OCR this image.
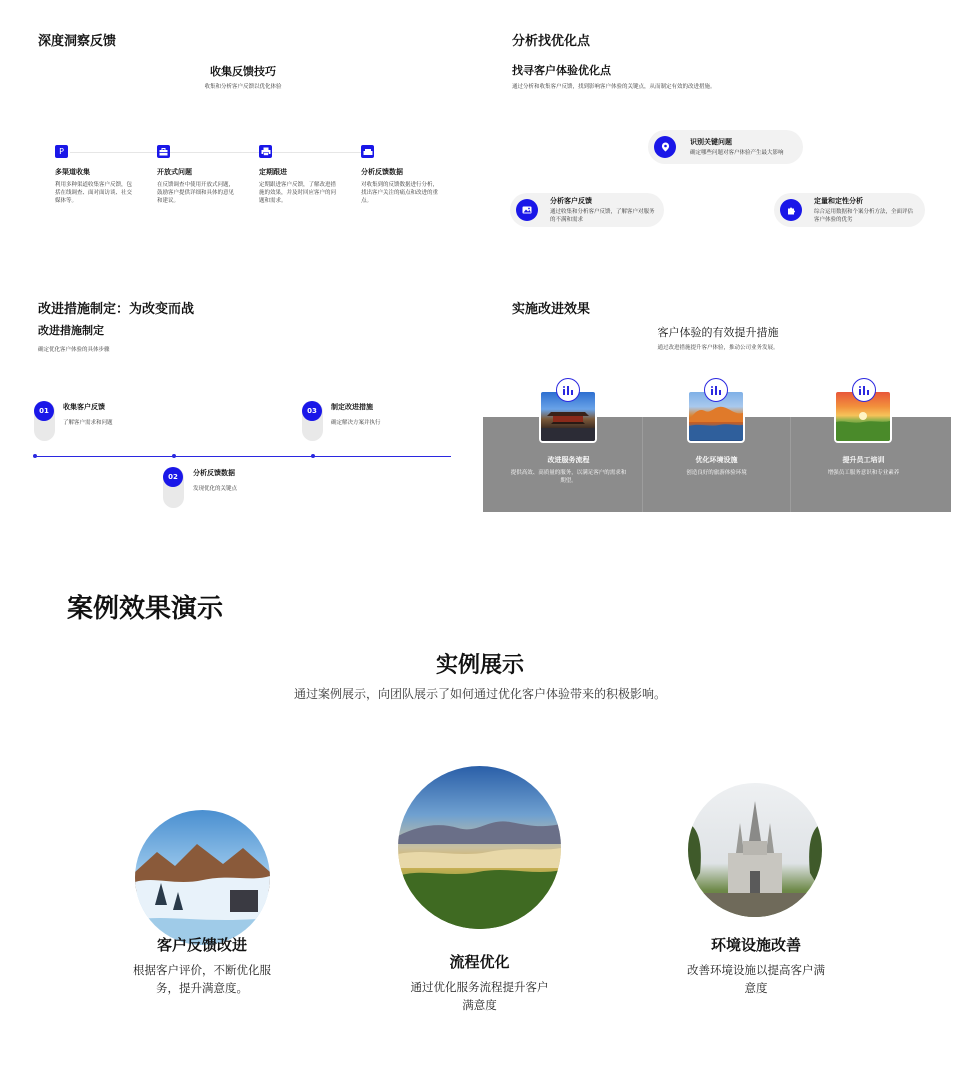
深度洞察反馈
收集反馈技巧
收集和分析客户反馈以优化体验
P
多渠道收集
利用多种渠道收集客户反馈，包括在线调查、面对面访谈、社交媒体等。
开放式问题
在反馈调查中使用开放式问题，鼓励客户提供详细和具体的意见和建议。
定期跟进
定期跟进客户反馈，了解改进措施的效果，并及时回应客户的问题和需求。
分析反馈数据
对收集到的反馈数据进行分析，找出客户关注的痛点和改进的重点。
分析找优化点
找寻客户体验优化点
通过分析和收集客户反馈，找到影响客户体验的关键点，从而制定有效的改进措施。
识别关键问题
确定哪些问题对客户体验产生最大影响
分析客户反馈
通过收集和分析客户反馈，了解客户对服务的不满和需求
定量和定性分析
综合运用数据和个案分析方法，全面评估客户体验的优劣
改进措施制定：为改变而战
改进措施制定
确定优化客户体验的具体步骤
01	收集客户反馈
了解客户需求和问题
03	制定改进措施
确定解决方案并执行
02	分析反馈数据
发现优化的关键点
实施改进效果
客户体验的有效提升措施
通过改进措施提升客户体验，推动公司业务发展。
改进服务流程
提供高效、高质量的服务，以满足客户的需求和期望。
优化环境设施
创造良好的旅游体验环境
提升员工培训
增强员工服务意识和专业素养
案例效果演示
实例展示
通过案例展示，向团队展示了如何通过优化客户体验带来的积极影响。
客户反馈改进
根据客户评价，不断优化服务，提升满意度。
流程优化
通过优化服务流程提升客户满意度
环境设施改善
改善环境设施以提高客户满意度
